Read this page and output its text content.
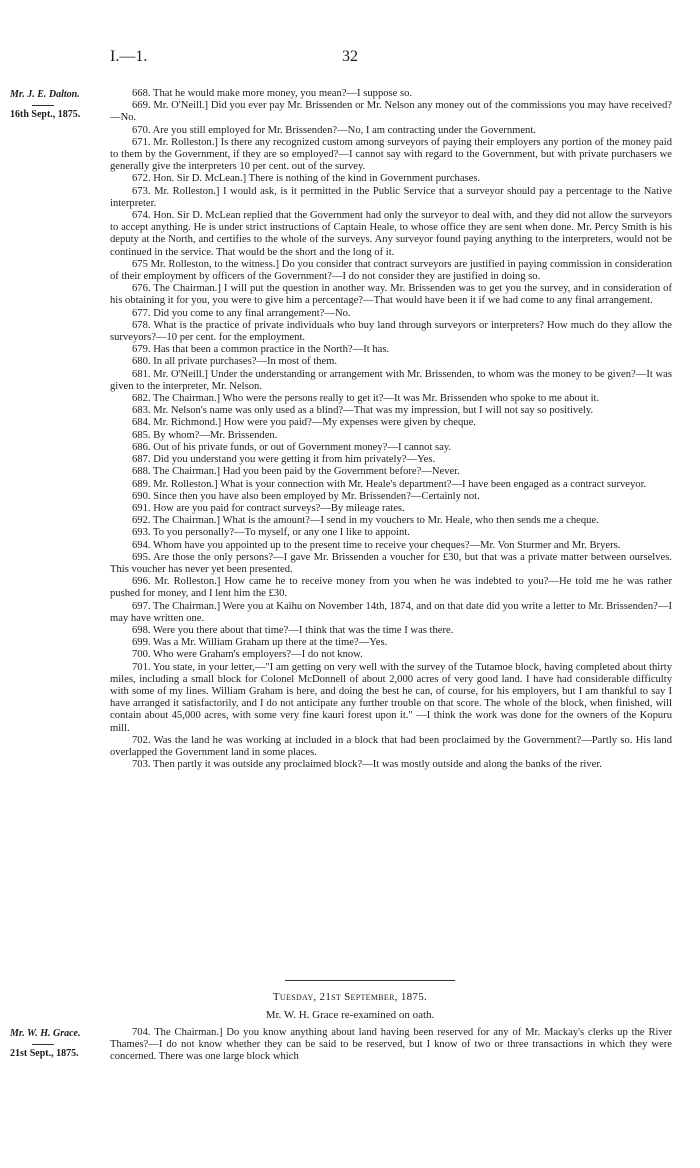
I.—1.	32
Mr. J. E. Dalton.
16th Sept., 1875.

668. That he would make more money, you mean?—I suppose so.

669. Mr. O'Neill.] Did you ever pay Mr. Brissenden or Mr. Nelson any money out of the commissions you may have received?—No.

670. Are you still employed for Mr. Brissenden?—No, I am contracting under the Government.

671. Mr. Rolleston.] Is there any recognized custom among surveyors of paying their employers any portion of the money paid to them by the Government, if they are so employed?—I cannot say with regard to the Government, but with private purchasers we generally give the interpreters 10 per cent. out of the survey.

672. Hon. Sir D. McLean.] There is nothing of the kind in Government purchases.

673. Mr. Rolleston.] I would ask, is it permitted in the Public Service that a surveyor should pay a percentage to the Native interpreter.

674. Hon. Sir D. McLean replied that the Government had only the surveyor to deal with, and they did not allow the surveyors to accept anything. He is under strict instructions of Captain Heale, to whose office they are sent when done. Mr. Percy Smith is his deputy at the North, and certifies to the whole of the surveys. Any surveyor found paying anything to the interpreters, would not be continued in the service. That would be the short and the long of it.

675 Mr. Rolleston, to the witness.] Do you consider that contract surveyors are justified in paying commission in consideration of their employment by officers of the Government?—I do not consider they are justified in doing so.

676. The Chairman.] I will put the question in another way. Mr. Brissenden was to get you the survey, and in consideration of his obtaining it for you, you were to give him a percentage?—That would have been it if we had come to any final arrangement.

677. Did you come to any final arrangement?—No.

678. What is the practice of private individuals who buy land through surveyors or interpreters? How much do they allow the surveyors?—10 per cent. for the employment.

679. Has that been a common practice in the North?—It has.

680. In all private purchases?—In most of them.

681. Mr. O'Neill.] Under the understanding or arrangement with Mr. Brissenden, to whom was the money to be given?—It was given to the interpreter, Mr. Nelson.

682. The Chairman.] Who were the persons really to get it?—It was Mr. Brissenden who spoke to me about it.

683. Mr. Nelson's name was only used as a blind?—That was my impression, but I will not say so positively.

684. Mr. Richmond.] How were you paid?—My expenses were given by cheque.

685. By whom?—Mr. Brissenden.

686. Out of his private funds, or out of Government money?—I cannot say.

687. Did you understand you were getting it from him privately?—Yes.

688. The Chairman.] Had you been paid by the Government before?—Never.

689. Mr. Rolleston.] What is your connection with Mr. Heale's department?—I have been engaged as a contract surveyor.

690. Since then you have also been employed by Mr. Brissenden?—Certainly not.

691. How are you paid for contract surveys?—By mileage rates.

692. The Chairman.] What is the amount?—I send in my vouchers to Mr. Heale, who then sends me a cheque.

693. To you personally?—To myself, or any one I like to appoint.

694. Whom have you appointed up to the present time to receive your cheques?—Mr. Von Sturmer and Mr. Bryers.

695. Are those the only persons?—I gave Mr. Brissenden a voucher for £30, but that was a private matter between ourselves. This voucher has never yet been presented.

696. Mr. Rolleston.] How came he to receive money from you when he was indebted to you?—He told me he was rather pushed for money, and I lent him the £30.

697. The Chairman.] Were you at Kaihu on November 14th, 1874, and on that date did you write a letter to Mr. Brissenden?—I may have written one.

698. Were you there about that time?—I think that was the time I was there.

699. Was a Mr. William Graham up there at the time?—Yes.

700. Who were Graham's employers?—I do not know.

701. You state, in your letter,—"I am getting on very well with the survey of the Tutamoe block, having completed about thirty miles, including a small block for Colonel McDonnell of about 2,000 acres of very good land. I have had considerable difficulty with some of my lines. William Graham is here, and doing the best he can, of course, for his employers, but I am thankful to say I have arranged it satisfactorily, and I do not anticipate any further trouble on that score. The whole of the block, when finished, will contain about 45,000 acres, with some very fine kauri forest upon it." —I think the work was done for the owners of the Kopuru mill.

702. Was the land he was working at included in a block that had been proclaimed by the Government?—Partly so. His land overlapped the Government land in some places.

703. Then partly it was outside any proclaimed block?—It was mostly outside and along the banks of the river.

Tuesday, 21st September, 1875.
Mr. W. H. Grace re-examined on oath.
Mr. W. H. Grace.
21st Sept., 1875.

704. The Chairman.] Do you know anything about land having been reserved for any of Mr. Mackay's clerks up the River Thames?—I do not know whether they can be said to be reserved, but I know of two or three transactions in which they were concerned. There was one large block which
